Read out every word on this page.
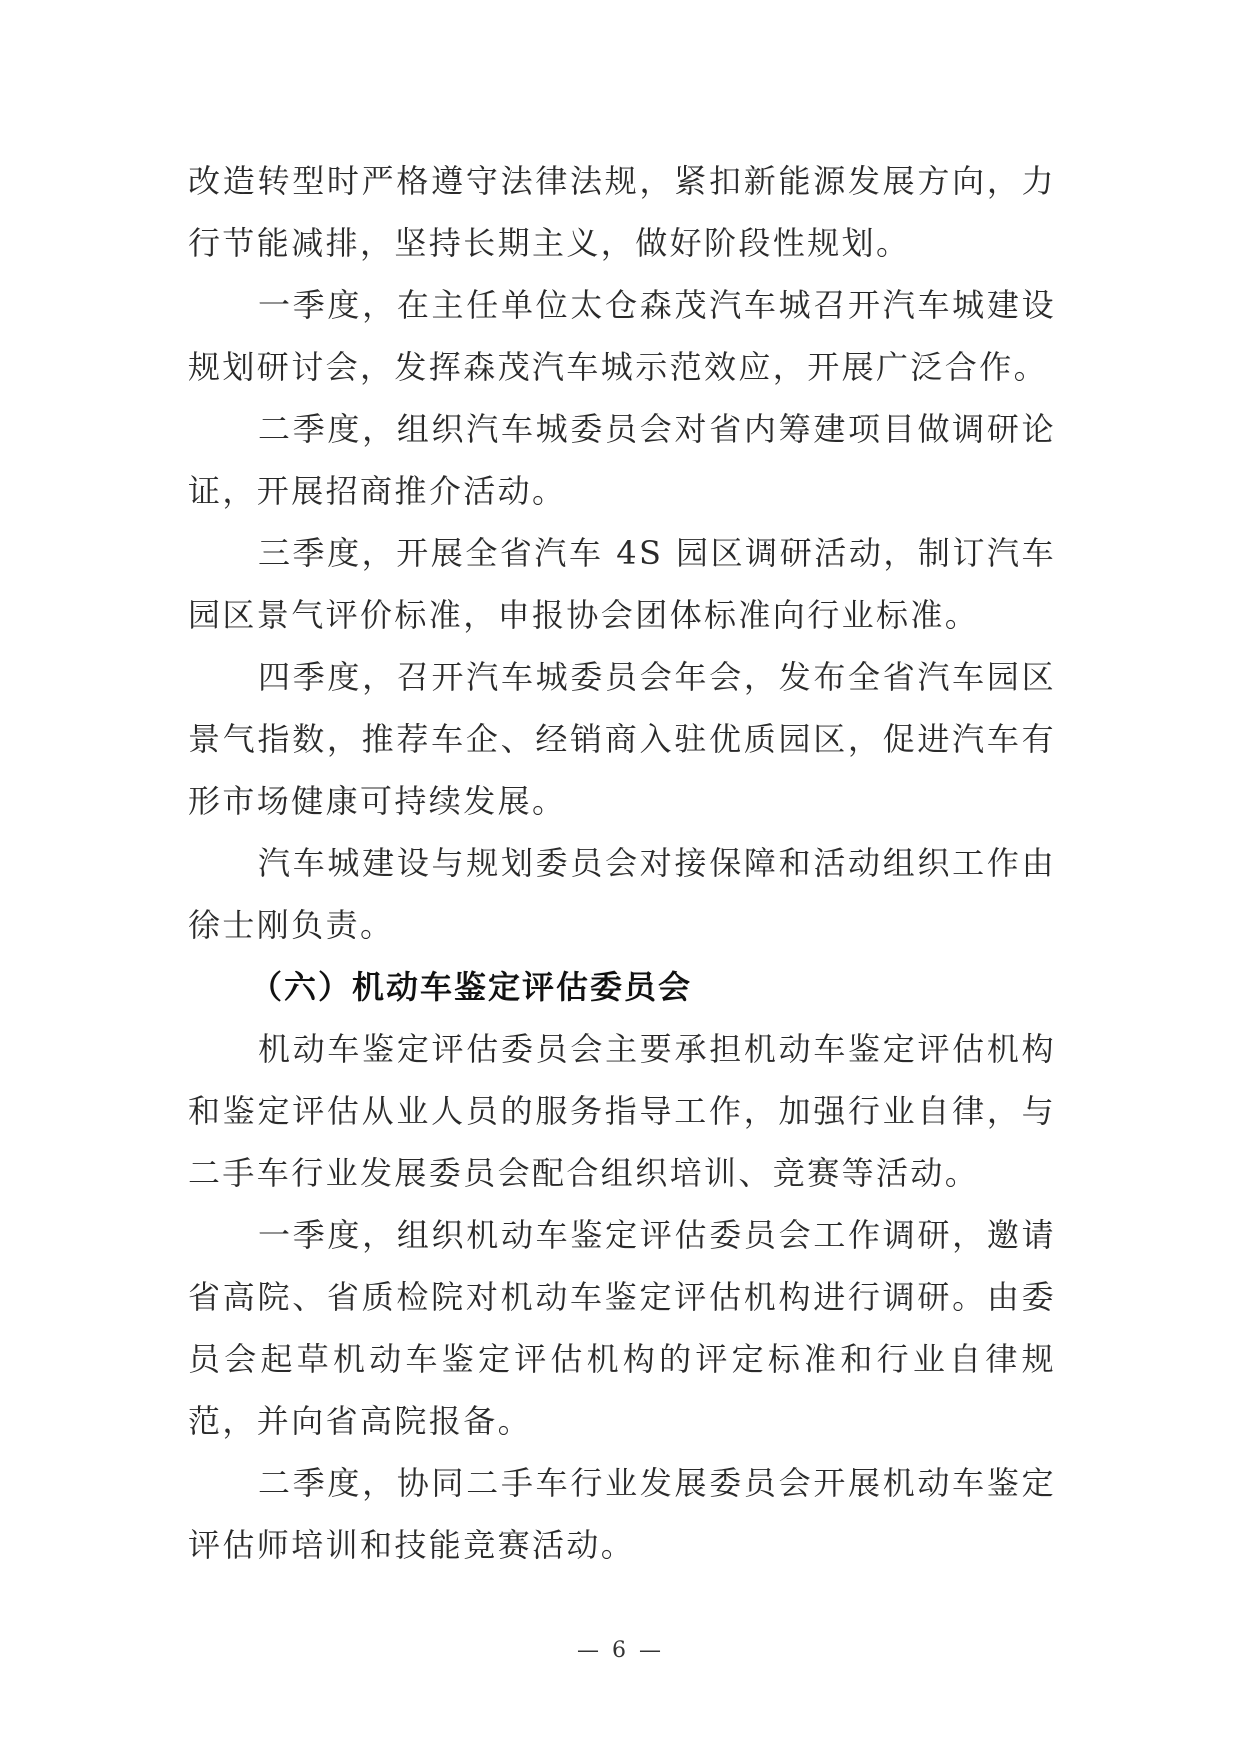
改造转型时严格遵守法律法规，紧扣新能源发展方向，力行节能减排，坚持长期主义，做好阶段性规划。

一季度，在主任单位太仓森茂汽车城召开汽车城建设规划研讨会，发挥森茂汽车城示范效应，开展广泛合作。

二季度，组织汽车城委员会对省内筹建项目做调研论证，开展招商推介活动。

三季度，开展全省汽车 4S 园区调研活动，制订汽车园区景气评价标准，申报协会团体标准向行业标准。

四季度，召开汽车城委员会年会，发布全省汽车园区景气指数，推荐车企、经销商入驻优质园区，促进汽车有形市场健康可持续发展。

汽车城建设与规划委员会对接保障和活动组织工作由徐士刚负责。

（六）机动车鉴定评估委员会

机动车鉴定评估委员会主要承担机动车鉴定评估机构和鉴定评估从业人员的服务指导工作，加强行业自律，与二手车行业发展委员会配合组织培训、竞赛等活动。

一季度，组织机动车鉴定评估委员会工作调研，邀请省高院、省质检院对机动车鉴定评估机构进行调研。由委员会起草机动车鉴定评估机构的评定标准和行业自律规范，并向省高院报备。

二季度，协同二手车行业发展委员会开展机动车鉴定评估师培训和技能竞赛活动。

— 6 —
